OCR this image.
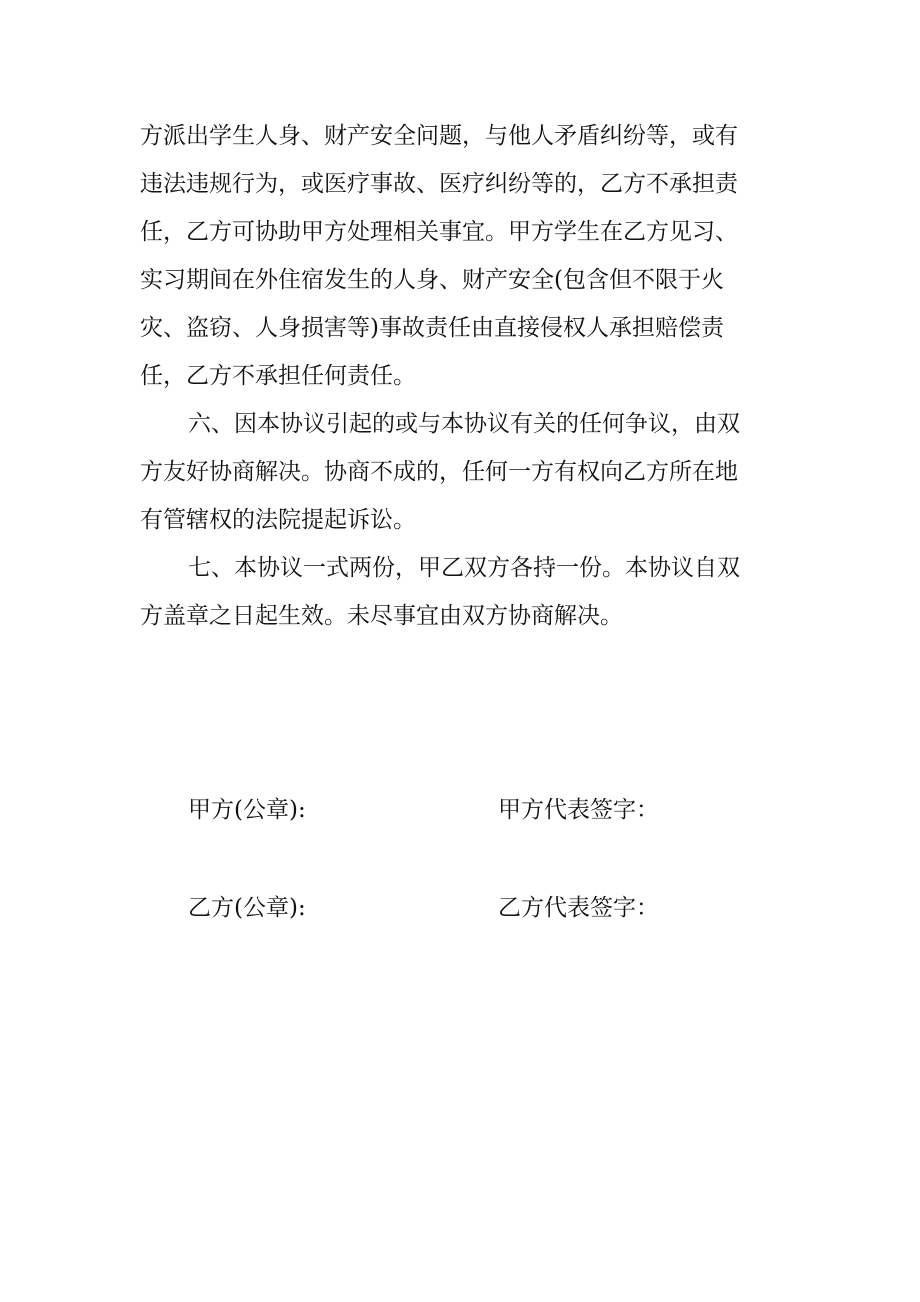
方派出学生人身、财产安全问题，与他人矛盾纠纷等，或有

违法违规行为，或医疗事故、医疗纠纷等的，乙方不承担责

任，乙方可协助甲方处理相关事宜。甲方学生在乙方见习、

实习期间在外住宿发生的人身、财产安全(包含但不限于火

灾、盗窃、人身损害等)事故责任由直接侵权人承担赔偿责

任，乙方不承担任何责任。

六、因本协议引起的或与本协议有关的任何争议，由双

方友好协商解决。协商不成的，任何一方有权向乙方所在地

有管辖权的法院提起诉讼。

七、本协议一式两份，甲乙双方各持一份。本协议自双

方盖章之日起生效。未尽事宜由双方协商解决。

甲方(公章):	甲方代表签字：
乙方(公章):	乙方代表签字：
